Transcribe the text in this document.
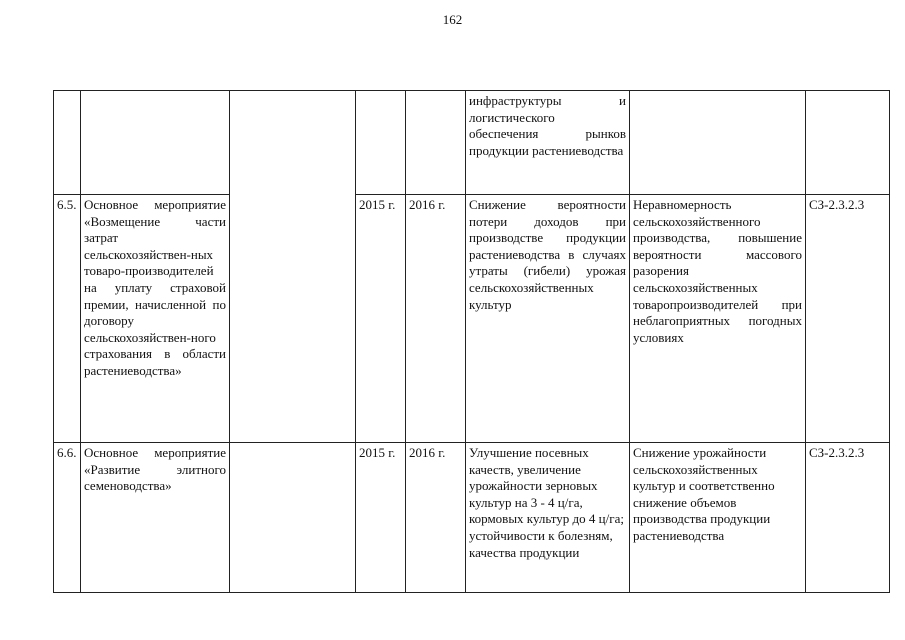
162
					инфраструктуры и логистического обеспечения рынков продукции растениеводства		
6.5.	Основное мероприятие «Возмещение части затрат сельскохозяйствен-ных товаро-производителей на уплату страховой премии, начисленной по договору сельскохозяйствен-ного страхования в области растениеводства»		2015 г.	2016 г.	Снижение вероятности потери доходов при производстве продукции растениеводства в случаях утраты (гибели) урожая сельскохозяйственных культур	Неравномерность сельскохозяйственного производства, повышение вероятности массового разорения сельскохозяйственных товаропроизводителей при неблагоприятных погодных условиях	СЗ-2.3.2.3
6.6.	Основное мероприятие «Развитие элитного семеноводства»		2015 г.	2016 г.	Улучшение посевных качеств, увеличение урожайности зерновых культур на 3 - 4 ц/га, кормовых культур до 4 ц/га; устойчивости к болезням, качества продукции	Снижение урожайности сельскохозяйственных культур и соответственно снижение объемов производства продукции растениеводства	СЗ-2.3.2.3
